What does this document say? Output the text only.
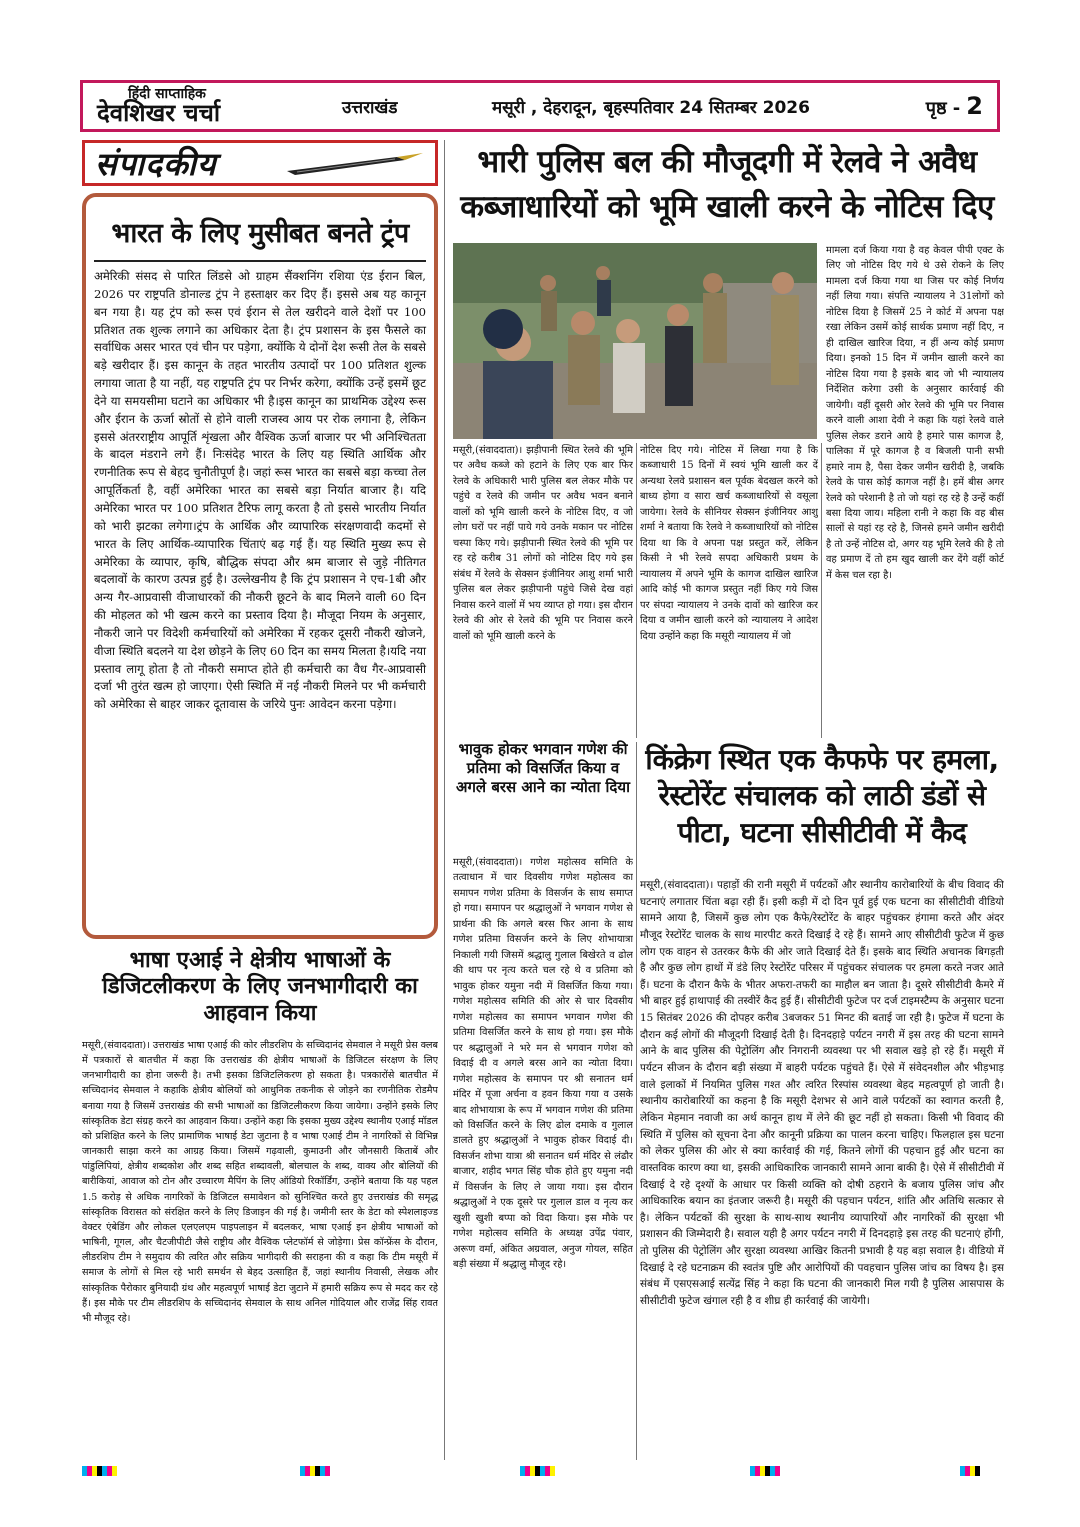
हिंदी साप्ताहिक
देवशिखर चर्चा	उत्तराखंड	मसूरी , देहरादून, बृहस्पतिवार 24 सितम्बर 2026	पृष्ठ - 2
संपादकीय
भारत के लिए मुसीबत बनते ट्रंप
अमेरिकी संसद से पारित लिंडसे ओ ग्राहम सैंक्शनिंग रशिया एंड ईरान बिल, 2026 पर राष्ट्रपति डोनाल्ड ट्रंप ने हस्ताक्षर कर दिए हैं। इससे अब यह कानून बन गया है। यह ट्रंप को रूस एवं ईरान से तेल खरीदने वाले देशों पर 100 प्रतिशत तक शुल्क लगाने का अधिकार देता है। ट्रंप प्रशासन के इस फैसले का सर्वाधिक असर भारत एवं चीन पर पड़ेगा, क्योंकि ये दोनों देश रूसी तेल के सबसे बड़े खरीदार हैं। इस कानून के तहत भारतीय उत्पादों पर 100 प्रतिशत शुल्क लगाया जाता है या नहीं, यह राष्ट्रपति ट्रंप पर निर्भर करेगा, क्योंकि उन्हें इसमें छूट देने या समयसीमा घटाने का अधिकार भी है।इस कानून का प्राथमिक उद्देश्य रूस और ईरान के ऊर्जा स्रोतों से होने वाली राजस्व आय पर रोक लगाना है, लेकिन इससे अंतरराष्ट्रीय आपूर्ति शृंखला और वैश्विक ऊर्जा बाजार पर भी अनिश्चितता के बादल मंडराने लगे हैं। निःसंदेह भारत के लिए यह स्थिति आर्थिक और रणनीतिक रूप से बेहद चुनौतीपूर्ण है। जहां रूस भारत का सबसे बड़ा कच्चा तेल आपूर्तिकर्ता है, वहीं अमेरिका भारत का सबसे बड़ा निर्यात बाजार है। यदि अमेरिका भारत पर 100 प्रतिशत टैरिफ लागू करता है तो इससे भारतीय निर्यात को भारी झटका लगेगा।ट्रंप के आर्थिक और व्यापारिक संरक्षणवादी कदमों से भारत के लिए आर्थिक-व्यापारिक चिंताएं बढ़ गई हैं। यह स्थिति मुख्य रूप से अमेरिका के व्यापार, कृषि, बौद्धिक संपदा और श्रम बाजार से जुड़े नीतिगत बदलावों के कारण उत्पन्न हुई है। उल्लेखनीय है कि ट्रंप प्रशासन ने एच-1बी और अन्य गैर-आप्रवासी वीजाधारकों की नौकरी छूटने के बाद मिलने वाली 60 दिन की मोहलत को भी खत्म करने का प्रस्ताव दिया है। मौजूदा नियम के अनुसार, नौकरी जाने पर विदेशी कर्मचारियों को अमेरिका में रहकर दूसरी नौकरी खोजने, वीजा स्थिति बदलने या देश छोड़ने के लिए 60 दिन का समय मिलता है।यदि नया प्रस्ताव लागू होता है तो नौकरी समाप्त होते ही कर्मचारी का वैध गैर-आप्रवासी दर्जा भी तुरंत खत्म हो जाएगा। ऐसी स्थिति में नई नौकरी मिलने पर भी कर्मचारी को अमेरिका से बाहर जाकर दूतावास के जरिये पुनः आवेदन करना पड़ेगा।
भाषा एआई ने क्षेत्रीय भाषाओं के डिजिटलीकरण के लिए जनभागीदारी का आहवान किया
मसूरी,(संवाददाता)। उत्तराखंड भाषा एआई की कोर लीडरशिप के सच्चिदानंद सेमवाल ने मसूरी प्रेस क्लब में पत्रकारों से बातचीत में कहा कि उत्तराखंड की क्षेत्रीय भाषाओं के डिजिटल संरक्षण के लिए जनभागीदारी का होना जरूरी है। तभी इसका डिजिटलिकरण हो सकता है। पत्रकारोंसे बातचीत में सच्चिदानंद सेमवाल ने कहाकि क्षेत्रीय बोलियों को आधुनिक तकनीक से जोड़ने का रणनीतिक रोडमैप बनाया गया है जिसमें उत्तराखंड की सभी भाषाओं का डिजिटलीकरण किया जायेगा। उन्होंने इसके लिए सांस्कृतिक डेटा संग्रह करने का आहवान किया। उन्होंने कहा कि इसका मुख्य उद्देश्य स्थानीय एआई मॉडल को प्रशिक्षित करने के लिए प्रामाणिक भाषाई डेटा जुटाना है व भाषा एआई टीम ने नागरिकों से विभिन्न जानकारी साझा करने का आग्रह किया। जिसमें गढ़वाली, कुमाउनी और जौनसारी किताबें और पांडुलिपियां, क्षेत्रीय शब्दकोश और शब्द सहित शब्दावली, बोलचाल के शब्द, वाक्य और बोलियों की बारीकियां, आवाज को टोन और उच्चारण मैपिंग के लिए ऑडियो रिकॉर्डिंग, उन्होंने बताया कि यह पहल 1.5 करोड़ से अधिक नागरिकों के डिजिटल समावेशन को सुनिश्चित करते हुए उत्तराखंड की समृद्ध सांस्कृतिक विरासत को संरक्षित करने के लिए डिजाइन की गई है। जमीनी स्तर के डेटा को स्पेशलाइज्ड वेक्टर एंबेडिंग और लोकल एलएलएम पाइपलाइन में बदलकर, भाषा एआई इन क्षेत्रीय भाषाओं को भाषिनी, गूगल, और चैटजीपीटी जैसे राष्ट्रीय और वैश्विक प्लेटफॉर्म से जोड़ेगा। प्रेस कॉन्फ्रेंस के दौरान, लीडरशिप टीम ने समुदाय की त्वरित और सक्रिय भागीदारी की सराहना की व कहा कि टीम मसूरी में समाज के लोगों से मिल रहे भारी समर्थन से बेहद उत्साहित हैं, जहां स्थानीय निवासी, लेखक और सांस्कृतिक पैरोकार बुनियादी ग्रंथ और महत्वपूर्ण भाषाई डेटा जुटाने में हमारी सक्रिय रूप से मदद कर रहे हैं। इस मौके पर टीम लीडरशिप के सच्चिदानंद सेमवाल के साथ अनिल गोदियाल और राजेंद्र सिंह रावत भी मौजूद रहे।
भारी पुलिस बल की मौजूदगी में रेलवे ने अवैध कब्जाधारियों को भूमि खाली करने के नोटिस दिए
मसूरी,(संवाददाता)। झड़ीपानी स्थित रेलवे की भूमि पर अवैध कब्जे को हटाने के लिए एक बार फिर रेलवे के अधिकारी भारी पुलिस बल लेकर मौके पर पहुंचे व रेलवे की जमीन पर अवैध भवन बनाने वालों को भूमि खाली करने के नोटिस दिए, व जो लोग घरों पर नहीं पाये गये उनके मकान पर नोटिस चस्पा किए गये। झड़ीपानी स्थित रेलवे की भूमि पर रह रहे करीब 31 लोगों को नोटिस दिए गये इस संबंध में रेलवे के सेक्सन इंजीनियर आशु शर्मा भारी पुलिस बल लेकर झड़ीपानी पहुंचे जिसे देख वहां निवास करने वालों में भय व्याप्त हो गया। इस दौरान रेलवे की ओर से रेलवे की भूमि पर निवास करने वालों को भूमि खाली करने के
नोटिस दिए गये। नोटिस में लिखा गया है कि कब्जाधारी 15 दिनों में स्वयं भूमि खाली कर दें अन्यथा रेलवे प्रशासन बल पूर्वक बेदखल करने को बाध्य होगा व सारा खर्च कब्जाधारियों से वसूला जायेगा। रेलवे के सीनियर सेक्सन इंजीनियर आशु शर्मा ने बताया कि रेलवे ने कब्जाधारियों को नोटिस दिया था कि वे अपना पक्ष प्रस्तुत करें, लेकिन किसी ने भी रेलवे सपदा अधिकारी प्रथम के न्यायालय में अपने भूमि के कागज दाखिल खारिज आदि कोई भी कागज प्रस्तुत नहीं किए गये जिस पर संपदा न्यायालय ने उनके दावों को खारिज कर दिया व जमीन खाली करने को न्यायालय ने आदेश दिया उन्होंने कहा कि मसूरी न्यायालय में जो
मामला दर्ज किया गया है वह केवल पीपी एक्ट के लिए जो नोटिस दिए गये थे उसे रोकने के लिए मामला दर्ज किया गया था जिस पर कोई निर्णय नहीं लिया गया। संपत्ति न्यायालय ने 31लोगों को नोटिस दिया है जिसमें 25 ने कोर्ट में अपना पक्ष रखा लेकिन उसमें कोई सार्थक प्रमाण नहीं दिए, न ही दाखिल खारिज दिया, न हीं अन्य कोई प्रमाण दिया। इनको 15 दिन में जमीन खाली करने का नोटिस दिया गया है इसके बाद जो भी न्यायालय निर्देशित करेगा उसी के अनुसार कार्रवाई की जायेगी। वहीं दूसरी ओर रेलवे की भूमि पर निवास करने वाली आशा देवी ने कहा कि यहां रेलवे वाले पुलिस लेकर डराने आये है हमारे पास कागज है, पालिका में पूरे कागज है व बिजली पानी सभी हमारे नाम है, पैसा देकर जमीन खरीदी है, जबकि रेलवे के पास कोई कागज नहीं है। हमें बीस अगर रेलवे को परेशानी है तो जो यहां रह रहे है उन्हें कहीं बसा दिया जाय। महिला रानी ने कहा कि वह बीस सालों से यहां रह रहे है, जिनसे हमने जमीन खरीदी है तो उन्हें नोटिस दो, अगर यह भूमि रेलवे की है तो वह प्रमाण दें तो हम खुद खाली कर देंगे वहीं कोर्ट में केस चल रहा है।
भावुक होकर भगवान गणेश की प्रतिमा को विसर्जित किया व अगले बरस आने का न्योता दिया
मसूरी,(संवाददाता)। गणेश महोत्सव समिति के तत्वाधान में चार दिवसीय गणेश महोत्सव का समापन गणेश प्रतिमा के विसर्जन के साथ समाप्त हो गया। समापन पर श्रद्धालुओं ने भगवान गणेश से प्रार्थना की कि अगले बरस फिर आना के साथ गणेश प्रतिमा विसर्जन करने के लिए शोभायात्रा निकाली गयी जिसमें श्रद्धालु गुलाल बिखेरते व ढोल की थाप पर नृत्य करते चल रहे थे व प्रतिमा को भावुक होकर यमुना नदी में विसर्जित किया गया। गणेश महोत्सव समिति की ओर से चार दिवसीय गणेश महोत्सव का समापन भगवान गणेश की प्रतिमा विसर्जित करने के साथ हो गया। इस मौके पर श्रद्धालुओं ने भरे मन से भगवान गणेश को विदाई दी व अगले बरस आने का न्योता दिया। गणेश महोत्सव के समापन पर श्री सनातन धर्म मंदिर में पूजा अर्चना व हवन किया गया व उसके बाद शोभायात्रा के रूप में भगवान गणेश की प्रतिमा को विसर्जित करने के लिए ढोल दमाके व गुलाल डालते हुए श्रद्धालुओं ने भावुक होकर विदाई दी। विसर्जन शोभा यात्रा श्री सनातन धर्म मंदिर से लंढौर बाजार, शहीद भगत सिंह चौक होते हुए यमुना नदी में विसर्जन के लिए ले जाया गया। इस दौरान श्रद्धालुओं ने एक दूसरे पर गुलाल डाल व नृत्य कर खुशी खुशी बप्पा को विदा किया। इस मौके पर गणेश महोत्सव समिति के अध्यक्ष उपेंद्र पंवार, अरूण वर्मा, अंकित अग्रवाल, अनुज गोयल, सहित बड़ी संख्या में श्रद्धालु मौजूद रहे।
किंक्रेग स्थित एक कैफफे पर हमला, रेस्टोरेंट संचालक को लाठी डंडों से पीटा, घटना सीसीटीवी में कैद
मसूरी,(संवाददाता)। पहाड़ों की रानी मसूरी में पर्यटकों और स्थानीय कारोबारियों के बीच विवाद की घटनाएं लगातार चिंता बढ़ा रही हैं। इसी कड़ी में दो दिन पूर्व हुई एक घटना का सीसीटीवी वीडियो सामने आया है, जिसमें कुछ लोग एक कैफे/रेस्टोरेंट के बाहर पहुंचकर हंगामा करते और अंदर मौजूद रेस्टोरेंट चालक के साथ मारपीट करते दिखाई दे रहे हैं। सामने आए सीसीटीवी फुटेज में कुछ लोग एक वाहन से उतरकर कैफे की ओर जाते दिखाई देते हैं। इसके बाद स्थिति अचानक बिगड़ती है और कुछ लोग हाथों में डंडे लिए रेस्टोरेंट परिसर में पहुंचकर संचालक पर हमला करते नजर आते हैं। घटना के दौरान कैफे के भीतर अफरा-तफरी का माहौल बन जाता है। दूसरे सीसीटीवी कैमरे में भी बाहर हुई हाथापाई की तस्वीरें कैद हुई हैं। सीसीटीवी फुटेज पर दर्ज टाइमस्टैम्प के अनुसार घटना 15 सितंबर 2026 की दोपहर करीब 3बजकर 51 मिनट की बताई जा रही है। फुटेज में घटना के दौरान कई लोगों की मौजूदगी दिखाई देती है। दिनदहाड़े पर्यटन नगरी में इस तरह की घटना सामने आने के बाद पुलिस की पेट्रोलिंग और निगरानी व्यवस्था पर भी सवाल खड़े हो रहे हैं। मसूरी में पर्यटन सीजन के दौरान बड़ी संख्या में बाहरी पर्यटक पहुंचते हैं। ऐसे में संवेदनशील और भीड़भाड़ वाले इलाकों में नियमित पुलिस गश्त और त्वरित रिस्पांस व्यवस्था बेहद महत्वपूर्ण हो जाती है। स्थानीय कारोबारियों का कहना है कि मसूरी देशभर से आने वाले पर्यटकों का स्वागत करती है, लेकिन मेहमान नवाजी का अर्थ कानून हाथ में लेने की छूट नहीं हो सकता। किसी भी विवाद की स्थिति में पुलिस को सूचना देना और कानूनी प्रक्रिया का पालन करना चाहिए। फिलहाल इस घटना को लेकर पुलिस की ओर से क्या कार्रवाई की गई, कितने लोगों की पहचान हुई और घटना का वास्तविक कारण क्या था, इसकी आधिकारिक जानकारी सामने आना बाकी है। ऐसे में सीसीटीवी में दिखाई दे रहे दृश्यों के आधार पर किसी व्यक्ति को दोषी ठहराने के बजाय पुलिस जांच और आधिकारिक बयान का इंतजार जरूरी है। मसूरी की पहचान पर्यटन, शांति और अतिथि सत्कार से है। लेकिन पर्यटकों की सुरक्षा के साथ-साथ स्थानीय व्यापारियों और नागरिकों की सुरक्षा भी प्रशासन की जिम्मेदारी है। सवाल यही है अगर पर्यटन नगरी में दिनदहाड़े इस तरह की घटनाएं होंगी, तो पुलिस की पेट्रोलिंग और सुरक्षा व्यवस्था आखिर कितनी प्रभावी है यह बड़ा सवाल है। वीडियो में दिखाई दे रहे घटनाक्रम की स्वतंत्र पुष्टि और आरोपियों की पवहचान पुलिस जांच का विषय है। इस संबंध में एसएसआई सत्येंद्र सिंह ने कहा कि घटना की जानकारी मिल गयी है पुलिस आसपास के सीसीटीवी फुटेज खंगाल रही है व शीघ्र ही कार्रवाई की जायेगी।
